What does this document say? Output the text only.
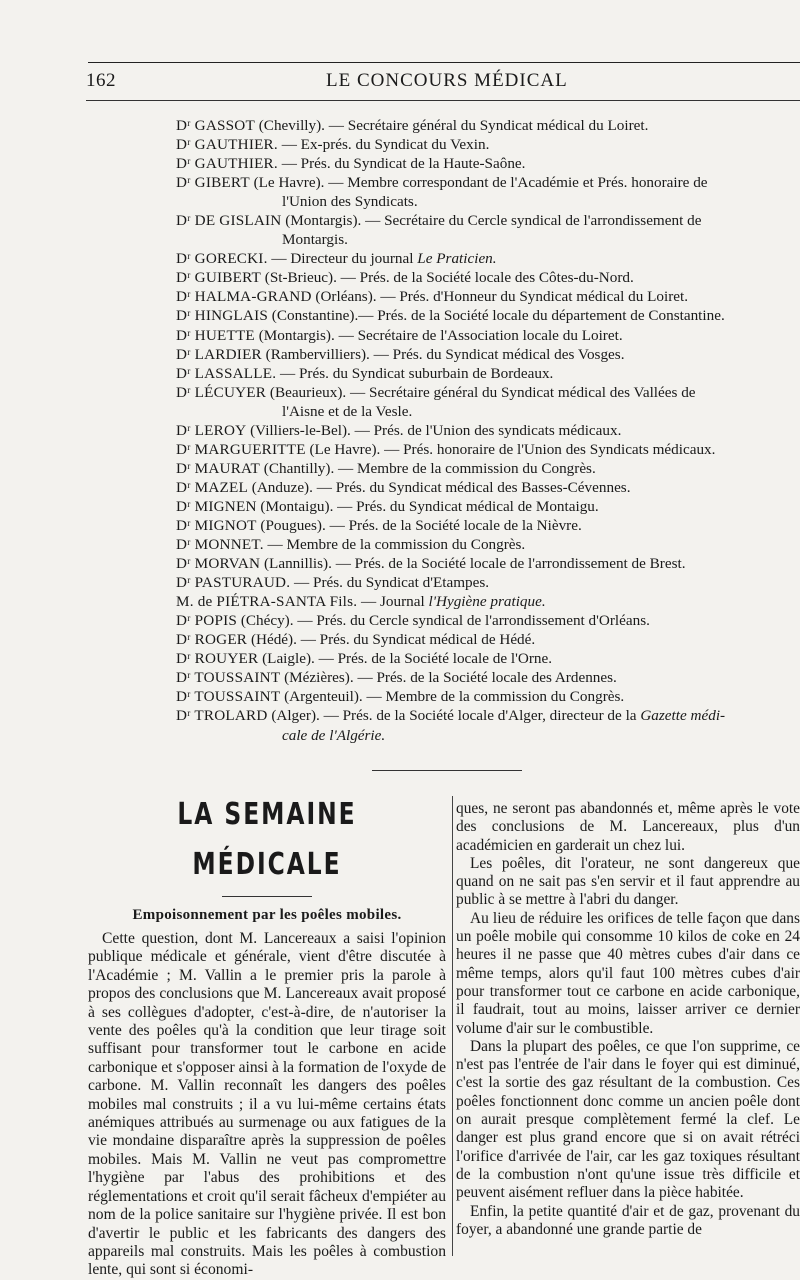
162	LE CONCOURS MÉDICAL
Dʳ GASSOT (Chevilly). — Secrétaire général du Syndicat médical du Loiret.
Dʳ GAUTHIER. — Ex-prés. du Syndicat du Vexin.
Dʳ GAUTHIER. — Prés. du Syndicat de la Haute-Saône.
Dʳ GIBERT (Le Havre). — Membre correspondant de l'Académie et Prés. honoraire de
l'Union des Syndicats.
Dʳ DE GISLAIN (Montargis). — Secrétaire du Cercle syndical de l'arrondissement de
Montargis.
Dʳ GORECKI. — Directeur du journal Le Praticien.
Dʳ GUIBERT (St-Brieuc). — Prés. de la Société locale des Côtes-du-Nord.
Dʳ HALMA-GRAND (Orléans). — Prés. d'Honneur du Syndicat médical du Loiret.
Dʳ HINGLAIS (Constantine).— Prés. de la Société locale du département de Constantine.
Dʳ HUETTE (Montargis). — Secrétaire de l'Association locale du Loiret.
Dʳ LARDIER (Rambervilliers). — Prés. du Syndicat médical des Vosges.
Dʳ LASSALLE. — Prés. du Syndicat suburbain de Bordeaux.
Dʳ LÉCUYER (Beaurieux). — Secrétaire général du Syndicat médical des Vallées de
l'Aisne et de la Vesle.
Dʳ LEROY (Villiers-le-Bel). — Prés. de l'Union des syndicats médicaux.
Dʳ MARGUERITTE (Le Havre). — Prés. honoraire de l'Union des Syndicats médicaux.
Dʳ MAURAT (Chantilly). — Membre de la commission du Congrès.
Dʳ MAZEL (Anduze). — Prés. du Syndicat médical des Basses-Cévennes.
Dʳ MIGNEN (Montaigu). — Prés. du Syndicat médical de Montaigu.
Dʳ MIGNOT (Pougues). — Prés. de la Société locale de la Nièvre.
Dʳ MONNET. — Membre de la commission du Congrès.
Dʳ MORVAN (Lannillis). — Prés. de la Société locale de l'arrondissement de Brest.
Dʳ PASTURAUD. — Prés. du Syndicat d'Etampes.
M. de PIÉTRA-SANTA Fils. — Journal l'Hygiène pratique.
Dʳ POPIS (Chécy). — Prés. du Cercle syndical de l'arrondissement d'Orléans.
Dʳ ROGER (Hédé). — Prés. du Syndicat médical de Hédé.
Dʳ ROUYER (Laigle). — Prés. de la Société locale de l'Orne.
Dʳ TOUSSAINT (Mézières). — Prés. de la Société locale des Ardennes.
Dʳ TOUSSAINT (Argenteuil). — Membre de la commission du Congrès.
Dʳ TROLARD (Alger). — Prés. de la Société locale d'Alger, directeur de la Gazette médi-
cale de l'Algérie.
LA SEMAINE MÉDICALE

Empoisonnement par les poêles mobiles.

Cette question, dont M. Lancereaux a saisi l'opinion publique médicale et générale, vient d'être discutée à l'Académie ; M. Vallin a le premier pris la parole à propos des conclusions que M. Lancereaux avait proposé à ses collègues d'adopter, c'est-à-dire, de n'autoriser la vente des poêles qu'à la condition que leur tirage soit suffisant pour transformer tout le carbone en acide carbonique et s'opposer ainsi à la formation de l'oxyde de carbone. M. Vallin reconnaît les dangers des poêles mobiles mal construits ; il a vu lui-même certains états anémiques attribués au surmenage ou aux fatigues de la vie mondaine disparaître après la suppression de poêles mobiles. Mais M. Vallin ne veut pas compromettre l'hygiène par l'abus des prohibitions et des réglementations et croit qu'il serait fâcheux d'empiéter au nom de la police sanitaire sur l'hygiène privée. Il est bon d'avertir le public et les fabricants des dangers des appareils mal construits. Mais les poêles à combustion lente, qui sont si économi-

ques, ne seront pas abandonnés et, même après le vote des conclusions de M. Lancereaux, plus d'un académicien en garderait un chez lui.

Les poêles, dit l'orateur, ne sont dangereux que quand on ne sait pas s'en servir et il faut apprendre au public à se mettre à l'abri du danger.

Au lieu de réduire les orifices de telle façon que dans un poêle mobile qui consomme 10 kilos de coke en 24 heures il ne passe que 40 mètres cubes d'air dans ce même temps, alors qu'il faut 100 mètres cubes d'air pour transformer tout ce carbone en acide carbonique, il faudrait, tout au moins, laisser arriver ce dernier volume d'air sur le combustible.

Dans la plupart des poêles, ce que l'on supprime, ce n'est pas l'entrée de l'air dans le foyer qui est diminué, c'est la sortie des gaz résultant de la combustion. Ces poêles fonctionnent donc comme un ancien poêle dont on aurait presque complètement fermé la clef. Le danger est plus grand encore que si on avait rétréci l'orifice d'arrivée de l'air, car les gaz toxiques résultant de la combustion n'ont qu'une issue très difficile et peuvent aisément refluer dans la pièce habitée.

Enfin, la petite quantité d'air et de gaz, provenant du foyer, a abandonné une grande partie de
